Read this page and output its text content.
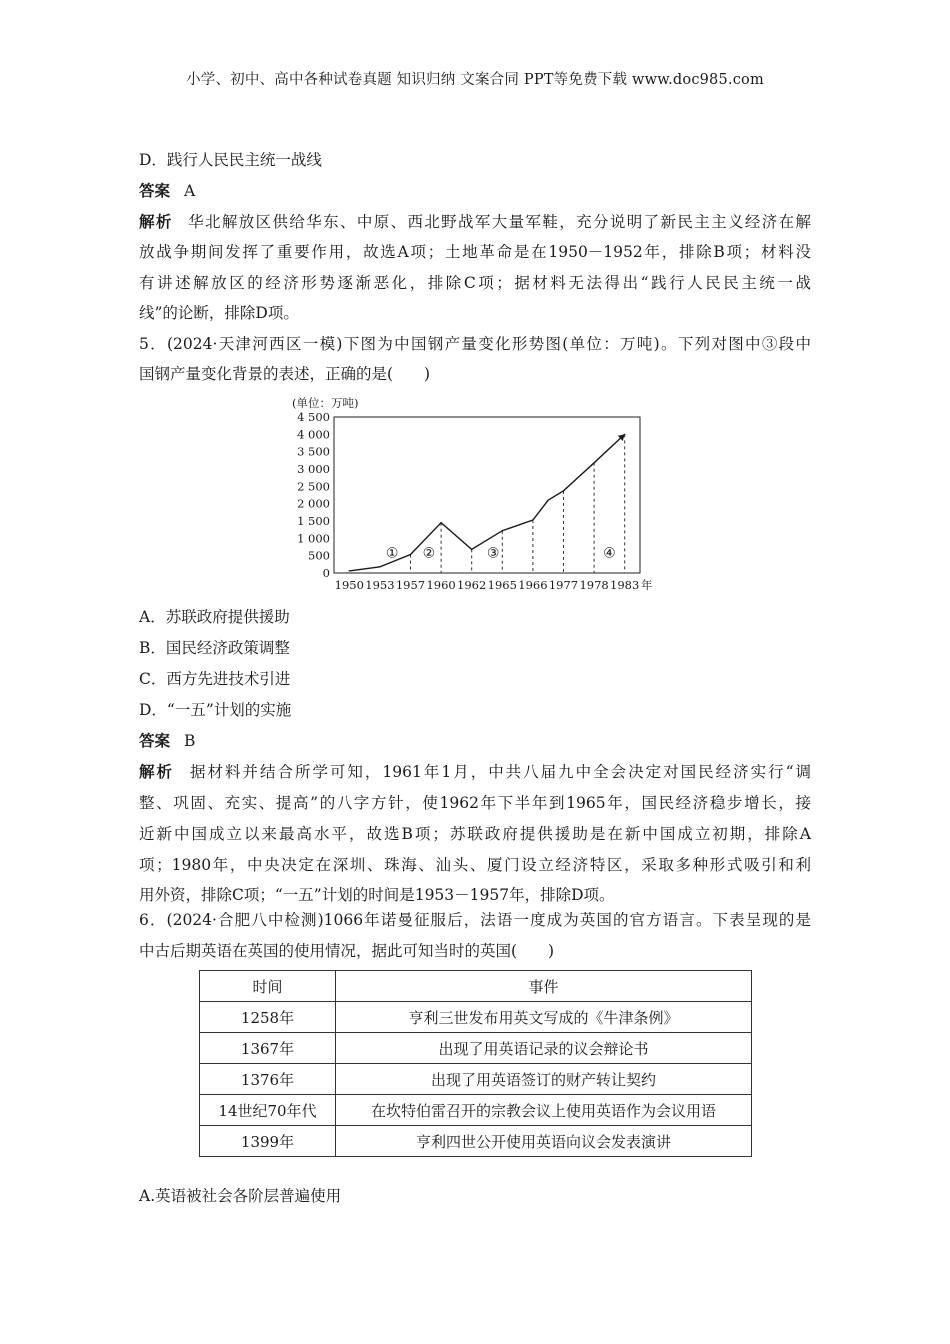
小学、初中、高中各种试卷真题 知识归纳 文案合同 PPT等免费下载 www.doc985.com
D．践行人民民主统一战线
答案 A
解析 华北解放区供给华东、中原、西北野战军大量军鞋，充分说明了新民主主义经济在解
放战争期间发挥了重要作用，故选A项；土地革命是在1950－1952年，排除B项；材料没
有讲述解放区的经济形势逐渐恶化，排除C项；据材料无法得出“践行人民民主统一战
线”的论断，排除D项。
5．(2024·天津河西区一模)下图为中国钢产量变化形势图(单位：万吨)。下列对图中③段中
国钢产量变化背景的表述，正确的是(　　)
(单位：万吨)
0
500
1 000
1 500
2 000
2 500
3 000
3 500
4 000
4 500
1950 1953 1957 1960 1962 1965 1966 1977 1978 1983 年
① ②	③	④
A．苏联政府提供援助
B．国民经济政策调整
C．西方先进技术引进
D．“一五”计划的实施
答案 B
解析 据材料并结合所学可知，1961年1月，中共八届九中全会决定对国民经济实行“调
整、巩固、充实、提高”的八字方针，使1962年下半年到1965年，国民经济稳步增长，接
近新中国成立以来最高水平，故选B项；苏联政府提供援助是在新中国成立初期，排除A
项；1980年，中央决定在深圳、珠海、汕头、厦门设立经济特区，采取多种形式吸引和利
用外资，排除C项；“一五”计划的时间是1953－1957年，排除D项。
6．(2024·合肥八中检测)1066年诺曼征服后，法语一度成为英国的官方语言。下表呈现的是
中古后期英语在英国的使用情况，据此可知当时的英国(　　)
时间	事件
1258年	亨利三世发布用英文写成的《牛津条例》
1367年	出现了用英语记录的议会辩论书
1376年	出现了用英语签订的财产转让契约
14世纪70年代	在坎特伯雷召开的宗教会议上使用英语作为会议用语
1399年	亨利四世公开使用英语向议会发表演讲
A.英语被社会各阶层普遍使用
